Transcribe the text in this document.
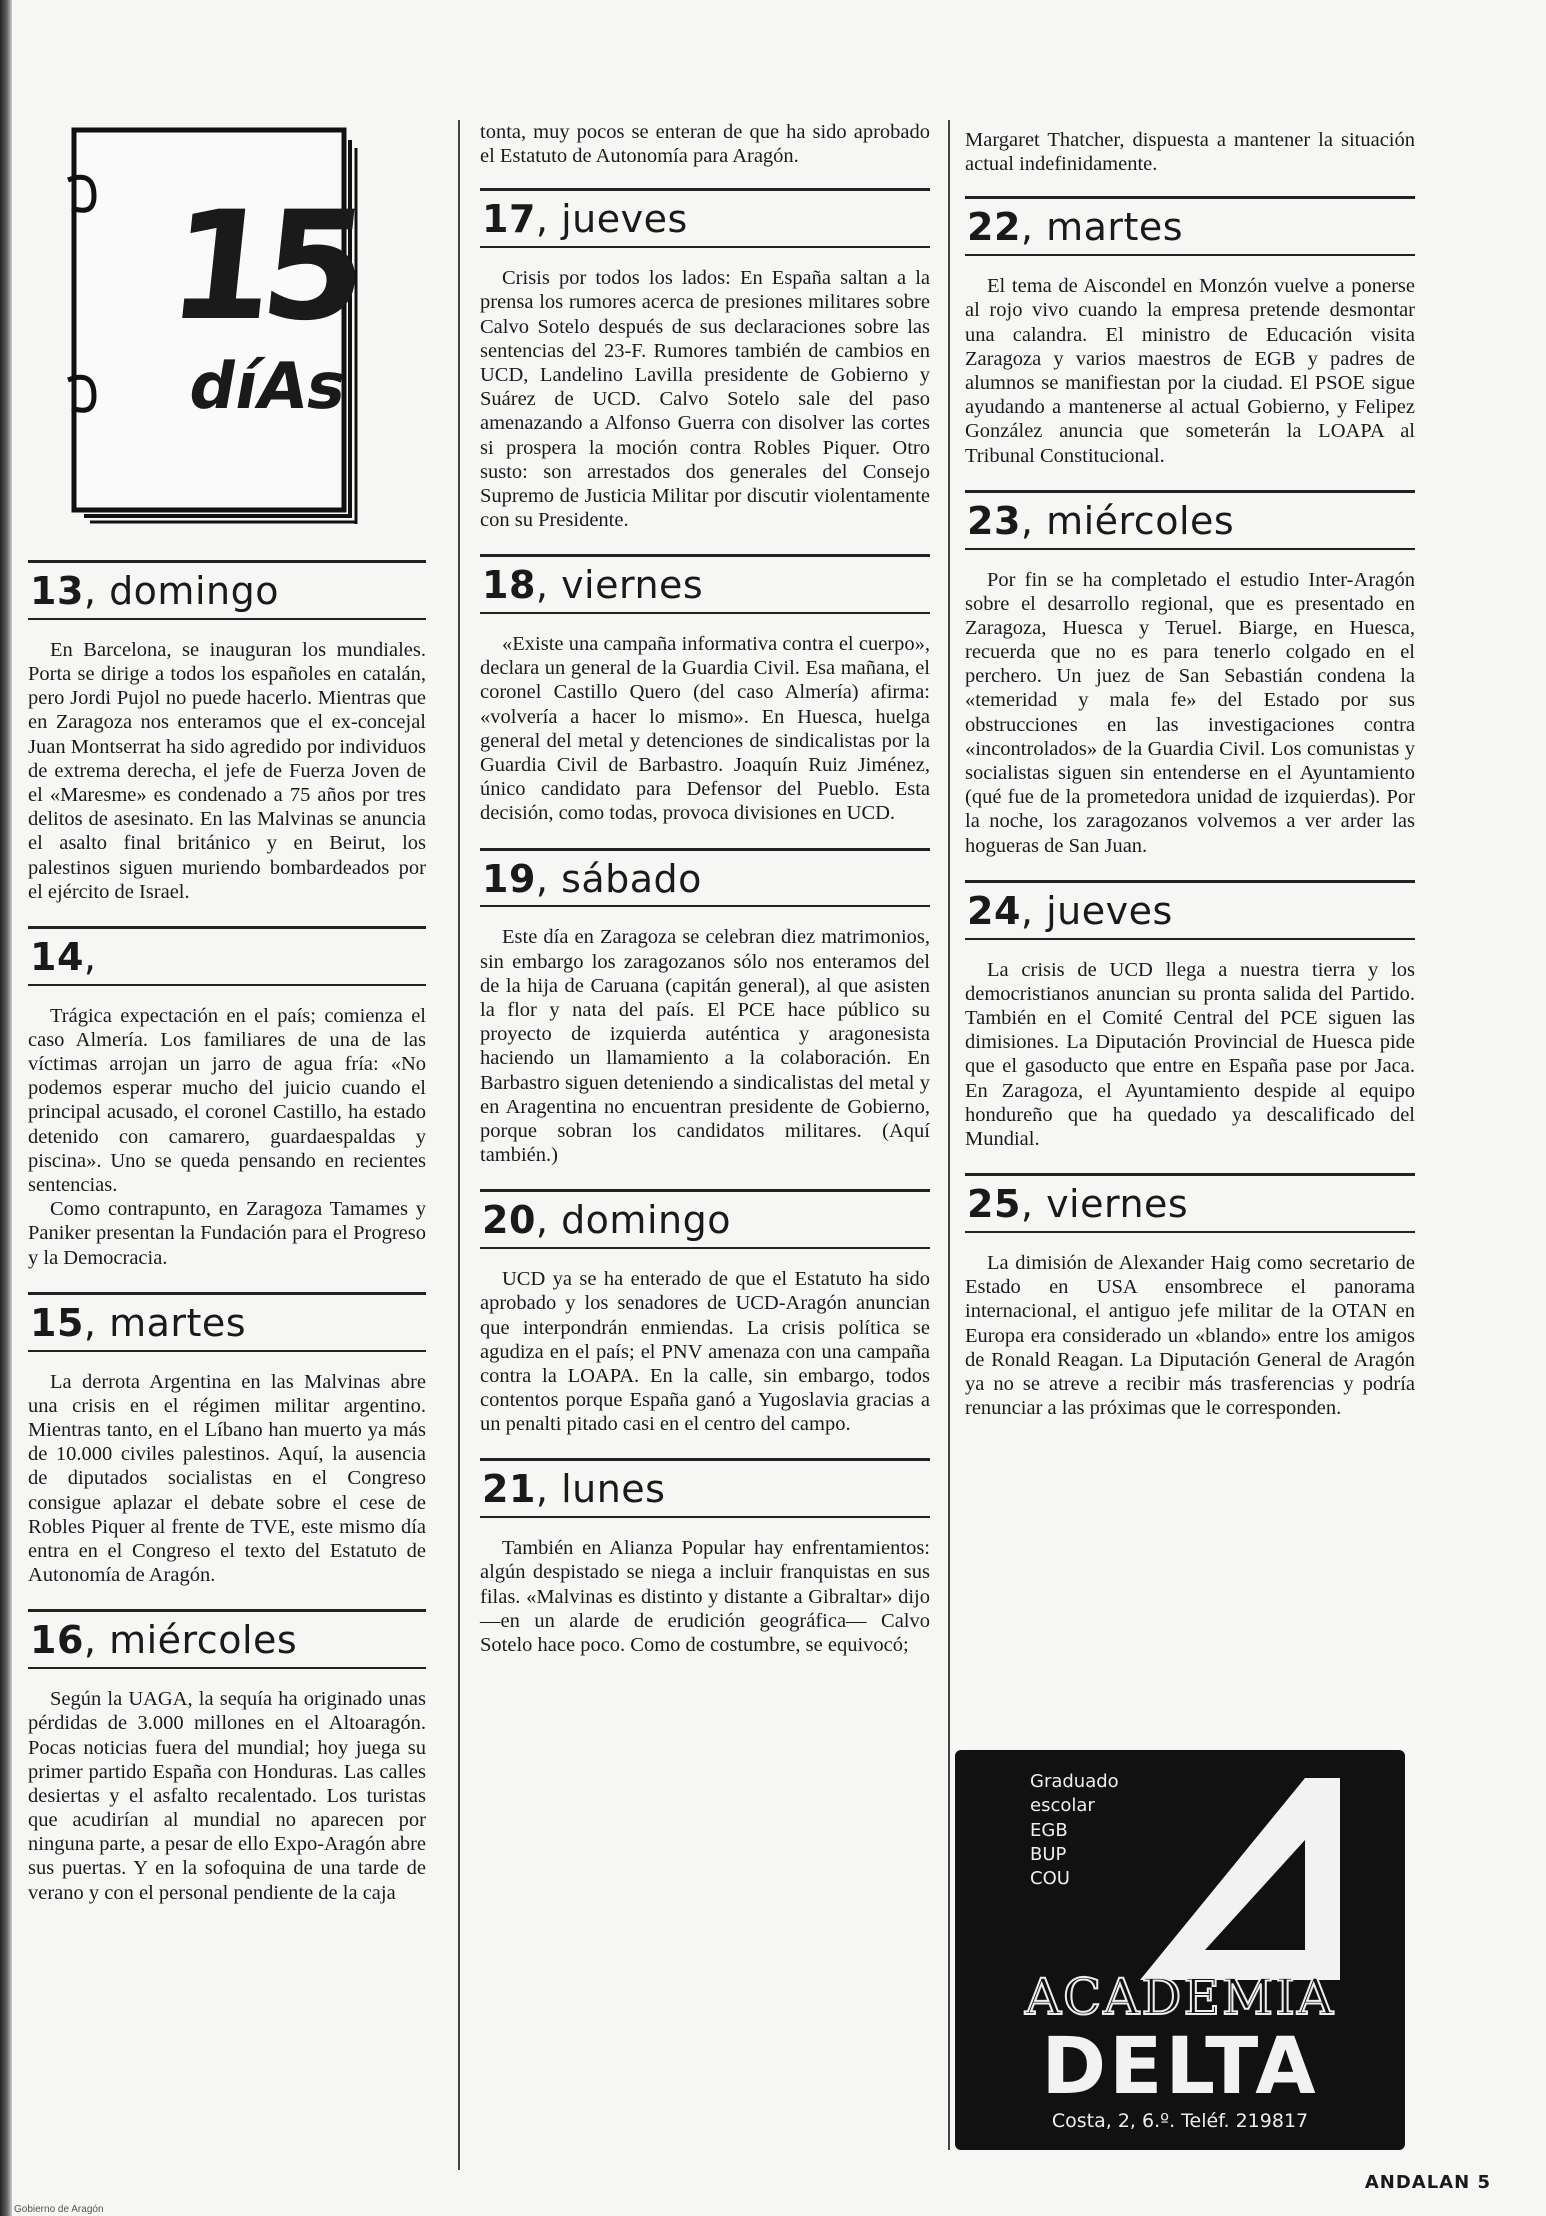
15
díAs
13, domingo

En Barcelona, se inauguran los mundiales. Porta se dirige a todos los españoles en catalán, pero Jordi Pujol no puede hacerlo. Mientras que en Zaragoza nos enteramos que el ex-concejal Juan Montserrat ha sido agredido por individuos de extrema derecha, el jefe de Fuerza Joven de el «Maresme» es condenado a 75 años por tres delitos de asesinato. En las Malvinas se anuncia el asalto final británico y en Beirut, los palestinos siguen muriendo bombardeados por el ejército de Israel.

14,

Trágica expectación en el país; comienza el caso Almería. Los familiares de una de las víctimas arrojan un jarro de agua fría: «No podemos esperar mucho del juicio cuando el principal acusado, el coronel Castillo, ha estado detenido con camarero, guardaespaldas y piscina». Uno se queda pensando en recientes sentencias.

Como contrapunto, en Zaragoza Tamames y Paniker presentan la Fundación para el Progreso y la Democracia.

15, martes

La derrota Argentina en las Malvinas abre una crisis en el régimen militar argentino. Mientras tanto, en el Líbano han muerto ya más de 10.000 civiles palestinos. Aquí, la ausencia de diputados socialistas en el Congreso consigue aplazar el debate sobre el cese de Robles Piquer al frente de TVE, este mismo día entra en el Congreso el texto del Estatuto de Autonomía de Aragón.

16, miércoles

Según la UAGA, la sequía ha originado unas pérdidas de 3.000 millones en el Altoaragón. Pocas noticias fuera del mundial; hoy juega su primer partido España con Honduras. Las calles desiertas y el asfalto recalentado. Los turistas que acudirían al mundial no aparecen por ninguna parte, a pesar de ello Expo-Aragón abre sus puertas. Y en la sofoquina de una tarde de verano y con el personal pendiente de la caja

tonta, muy pocos se enteran de que ha sido aprobado el Estatuto de Autonomía para Aragón.

17, jueves

Crisis por todos los lados: En España saltan a la prensa los rumores acerca de presiones militares sobre Calvo Sotelo después de sus declaraciones sobre las sentencias del 23-F. Rumores también de cambios en UCD, Landelino Lavilla presidente de Gobierno y Suárez de UCD. Calvo Sotelo sale del paso amenazando a Alfonso Guerra con disolver las cortes si prospera la moción contra Robles Piquer. Otro susto: son arrestados dos generales del Consejo Supremo de Justicia Militar por discutir violentamente con su Presidente.

18, viernes

«Existe una campaña informativa contra el cuerpo», declara un general de la Guardia Civil. Esa mañana, el coronel Castillo Quero (del caso Almería) afirma: «volvería a hacer lo mismo». En Huesca, huelga general del metal y detenciones de sindicalistas por la Guardia Civil de Barbastro. Joaquín Ruiz Jiménez, único candidato para Defensor del Pueblo. Esta decisión, como todas, provoca divisiones en UCD.

19, sábado

Este día en Zaragoza se celebran diez matrimonios, sin embargo los zaragozanos sólo nos enteramos del de la hija de Caruana (capitán general), al que asisten la flor y nata del país. El PCE hace público su proyecto de izquierda auténtica y aragonesista haciendo un llamamiento a la colaboración. En Barbastro siguen deteniendo a sindicalistas del metal y en Aragentina no encuentran presidente de Gobierno, porque sobran los candidatos militares. (Aquí también.)

20, domingo

UCD ya se ha enterado de que el Estatuto ha sido aprobado y los senadores de UCD-Aragón anuncian que interpondrán enmiendas. La crisis política se agudiza en el país; el PNV amenaza con una campaña contra la LOAPA. En la calle, sin embargo, todos contentos porque España ganó a Yugoslavia gracias a un penalti pitado casi en el centro del campo.

21, lunes

También en Alianza Popular hay enfrentamientos: algún despistado se niega a incluir franquistas en sus filas. «Malvinas es distinto y distante a Gibraltar» dijo —en un alarde de erudición geográfica— Calvo Sotelo hace poco. Como de costumbre, se equivocó;

Margaret Thatcher, dispuesta a mantener la situación actual indefinidamente.

22, martes

El tema de Aiscondel en Monzón vuelve a ponerse al rojo vivo cuando la empresa pretende desmontar una calandra. El ministro de Educación visita Zaragoza y varios maestros de EGB y padres de alumnos se manifiestan por la ciudad. El PSOE sigue ayudando a mantenerse al actual Gobierno, y Felipez González anuncia que someterán la LOAPA al Tribunal Constitucional.

23, miércoles

Por fin se ha completado el estudio Inter-Aragón sobre el desarrollo regional, que es presentado en Zaragoza, Huesca y Teruel. Biarge, en Huesca, recuerda que no es para tenerlo colgado en el perchero. Un juez de San Sebastián condena la «temeridad y mala fe» del Estado por sus obstrucciones en las investigaciones contra «incontrolados» de la Guardia Civil. Los comunistas y socialistas siguen sin entenderse en el Ayuntamiento (qué fue de la prometedora unidad de izquierdas). Por la noche, los zaragozanos volvemos a ver arder las hogueras de San Juan.

24, jueves

La crisis de UCD llega a nuestra tierra y los democristianos anuncian su pronta salida del Partido. También en el Comité Central del PCE siguen las dimisiones. La Diputación Provincial de Huesca pide que el gasoducto que entre en España pase por Jaca. En Zaragoza, el Ayuntamiento despide al equipo hondureño que ha quedado ya descalificado del Mundial.

25, viernes

La dimisión de Alexander Haig como secretario de Estado en USA ensombrece el panorama internacional, el antiguo jefe militar de la OTAN en Europa era considerado un «blando» entre los amigos de Ronald Reagan. La Diputación General de Aragón ya no se atreve a recibir más trasferencias y podría renunciar a las próximas que le corresponden.

Graduado
escolar
EGB
BUP
COU
ACADEMIA
DELTA
Costa, 2, 6.º. Teléf. 219817
ANDALAN 5
Gobierno de Aragón
